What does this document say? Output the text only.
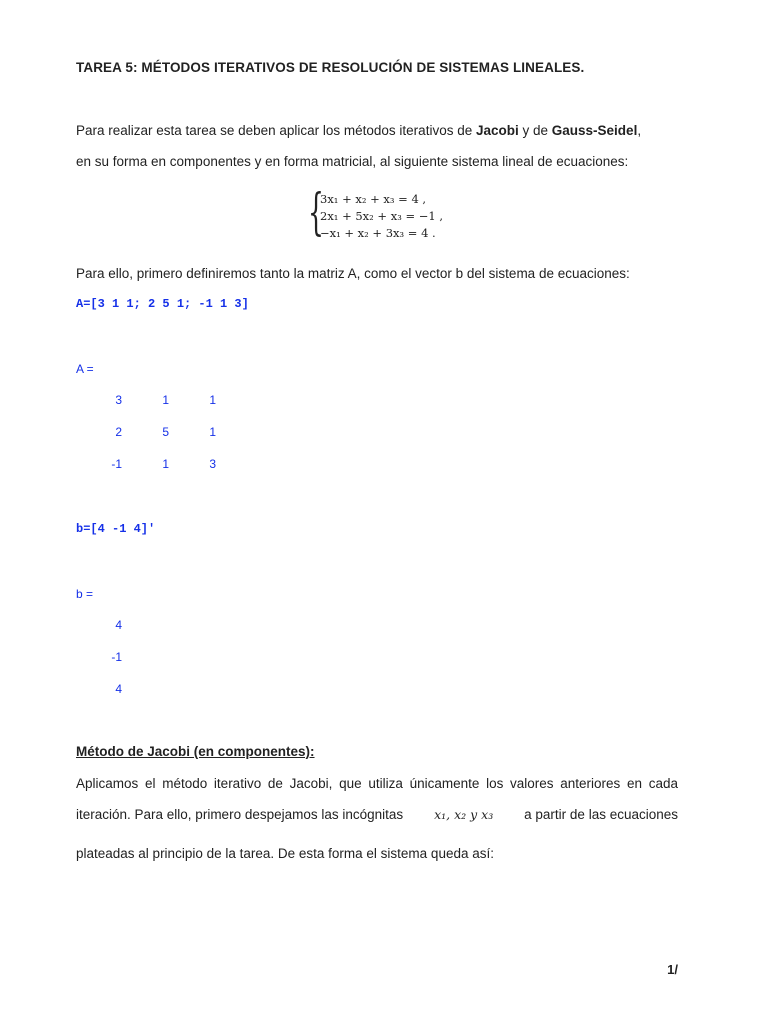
TAREA 5: MÉTODOS ITERATIVOS DE RESOLUCIÓN DE SISTEMAS LINEALES.
Para realizar esta tarea se deben aplicar los métodos iterativos de Jacobi y de Gauss-Seidel,
en su forma en componentes y en forma matricial, al siguiente sistema lineal de ecuaciones:
{
3x₁ + x₂ + x₃ = 4 ,
2x₁ + 5x₂ + x₃ = −1 ,
−x₁ + x₂ + 3x₃ = 4 .
Para ello, primero definiremos tanto la matriz A, como el vector b del sistema de ecuaciones:
A=[3 1 1; 2 5 1; -1 1 3]
A =
3	1	1
2	5	1
-1	1	3
b=[4 -1 4]'
b =
4
-1
4
Método de Jacobi (en componentes):
Aplicamos el método iterativo de Jacobi, que utiliza únicamente los valores anteriores en cada
iteración. Para ello, primero despejamos las incógnitas x₁, x₂ y x₃ a partir de las ecuaciones
plateadas al principio de la tarea. De esta forma el sistema queda así:
1/
